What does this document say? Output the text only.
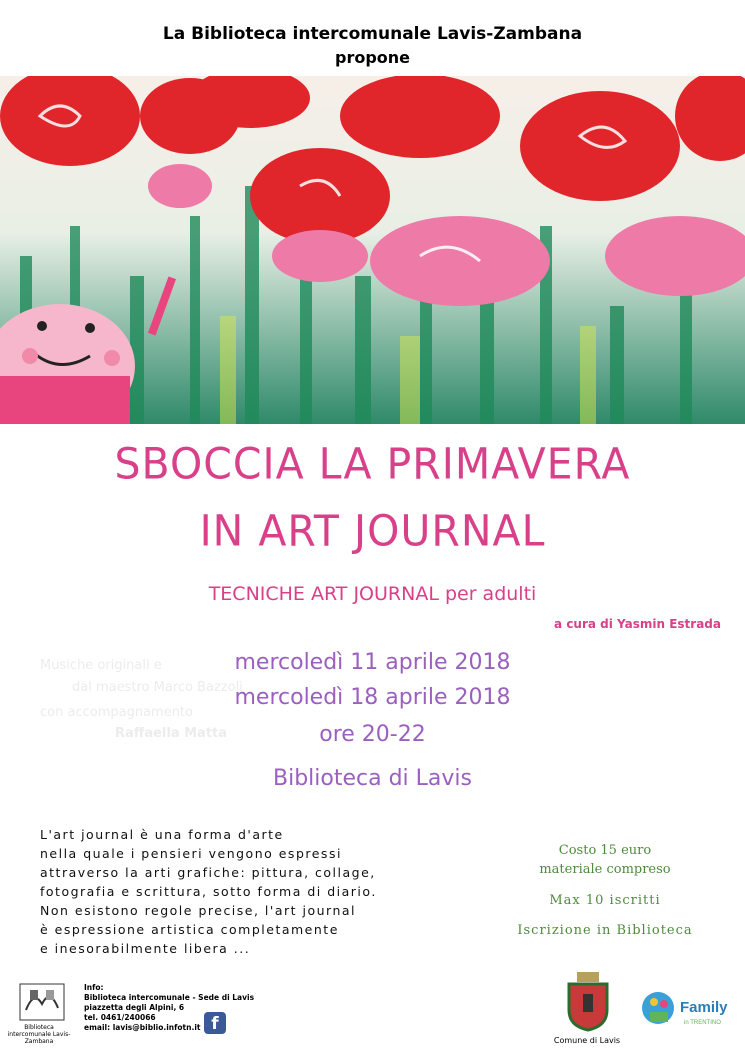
La Biblioteca intercomunale Lavis-Zambana
propone
SBOCCIA LA PRIMAVERA
IN ART JOURNAL
TECNICHE ART JOURNAL per adulti
a cura di Yasmin Estrada
Musiche originali e
dal maestro Marco Bazzoli
con accompagnamento
Raffaella Matta
mercoledì 11 aprile 2018
mercoledì 18 aprile 2018
ore 20-22
Biblioteca di Lavis
L'art journal è una forma d'arte
nella quale i pensieri vengono espressi
attraverso la arti grafiche: pittura, collage,
fotografia e scrittura, sotto forma di diario.
Non esistono regole precise, l'art journal
è espressione artistica completamente
e inesorabilmente libera ...
Costo 15 euro
materiale compreso
Max 10 iscritti
Iscrizione in Biblioteca
Biblioteca intercomunale Lavis-Zambana
Info:
Biblioteca intercomunale - Sede di Lavis
piazzetta degli Alpini, 6
tel. 0461/240066
email: lavis@biblio.infotn.it f
Comune di Lavis
Family
in TRENTINO
